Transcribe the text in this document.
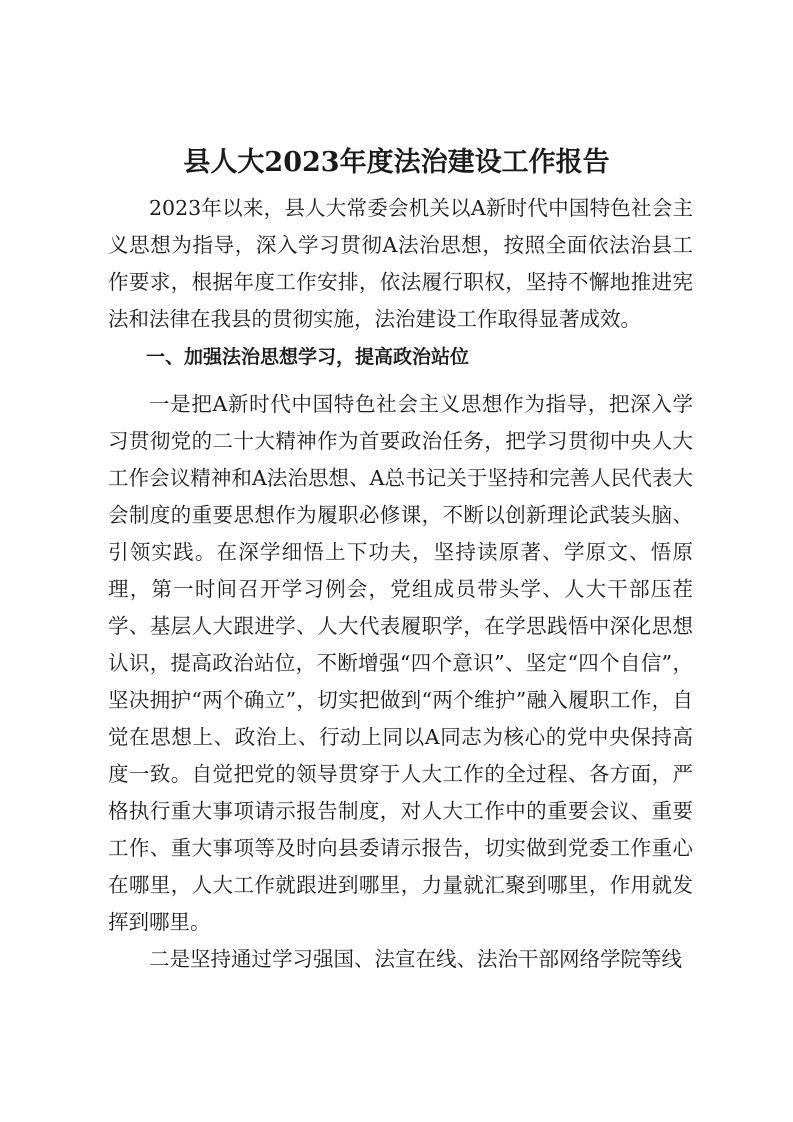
县人大2023年度法治建设工作报告

2023年以来，县人大常委会机关以A新时代中国特色社会主义思想为指导，深入学习贯彻A法治思想，按照全面依法治县工作要求，根据年度工作安排，依法履行职权，坚持不懈地推进宪法和法律在我县的贯彻实施，法治建设工作取得显著成效。

一、加强法治思想学习，提高政治站位

一是把A新时代中国特色社会主义思想作为指导，把深入学习贯彻党的二十大精神作为首要政治任务，把学习贯彻中央人大工作会议精神和A法治思想、A总书记关于坚持和完善人民代表大会制度的重要思想作为履职必修课，不断以创新理论武装头脑、引领实践。在深学细悟上下功夫，坚持读原著、学原文、悟原理，第一时间召开学习例会，党组成员带头学、人大干部压茬学、基层人大跟进学、人大代表履职学，在学思践悟中深化思想认识，提高政治站位，不断增强“四个意识”、坚定“四个自信”，坚决拥护“两个确立”，切实把做到“两个维护”融入履职工作，自觉在思想上、政治上、行动上同以A同志为核心的党中央保持高度一致。自觉把党的领导贯穿于人大工作的全过程、各方面，严格执行重大事项请示报告制度，对人大工作中的重要会议、重要工作、重大事项等及时向县委请示报告，切实做到党委工作重心在哪里，人大工作就跟进到哪里，力量就汇聚到哪里，作用就发挥到哪里。

二是坚持通过学习强国、法宣在线、法治干部网络学院等线
